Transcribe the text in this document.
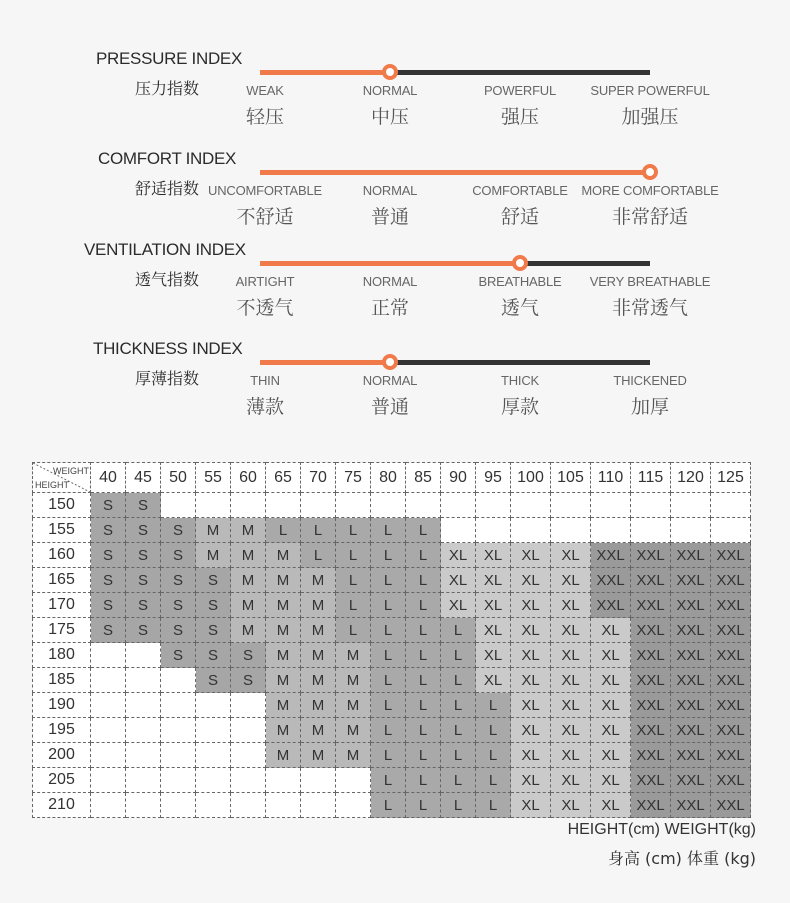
PRESSURE INDEX
压力指数	WEAK
轻压
NORMAL
中压
POWERFUL
强压
SUPER POWERFUL
加强压
COMFORT INDEX
舒适指数 UNCOMFORTABLE
不舒适
NORMAL
普通
COMFORTABLE
舒适
MORE COMFORTABLE
非常舒适
VENTILATION INDEX
透气指数	AIRTIGHT
不透气
NORMAL
正常
BREATHABLE
透气
VERY BREATHABLE
非常透气
THICKNESS INDEX
厚薄指数	THIN
薄款
NORMAL
普通
THICK
厚款
THICKENED
加厚
WEIGHT
HEIGHT	40	45	50	55	60	65	70	75	80	85	90	95	100	105	110	115	120	125
150	S	S																
155	S	S	S	M	M	L	L	L	L	L								
160	S	S	S	M	M	M	L	L	L	L	XL	XL	XL	XL	XXL	XXL	XXL	XXL
165	S	S	S	S	M	M	M	L	L	L	XL	XL	XL	XL	XXL	XXL	XXL	XXL
170	S	S	S	S	M	M	M	L	L	L	XL	XL	XL	XL	XXL	XXL	XXL	XXL
175	S	S	S	S	M	M	M	L	L	L	L	XL	XL	XL	XL	XXL	XXL	XXL
180			S	S	S	M	M	M	L	L	L	XL	XL	XL	XL	XXL	XXL	XXL
185				S	S	M	M	M	L	L	L	XL	XL	XL	XL	XXL	XXL	XXL
190						M	M	M	L	L	L	L	XL	XL	XL	XXL	XXL	XXL
195						M	M	M	L	L	L	L	XL	XL	XL	XXL	XXL	XXL
200						M	M	M	L	L	L	L	XL	XL	XL	XXL	XXL	XXL
205									L	L	L	L	XL	XL	XL	XXL	XXL	XXL
210									L	L	L	L	XL	XL	XL	XXL	XXL	XXL
HEIGHT(cm) WEIGHT(kg)
身高 (cm) 体重 (kg)
